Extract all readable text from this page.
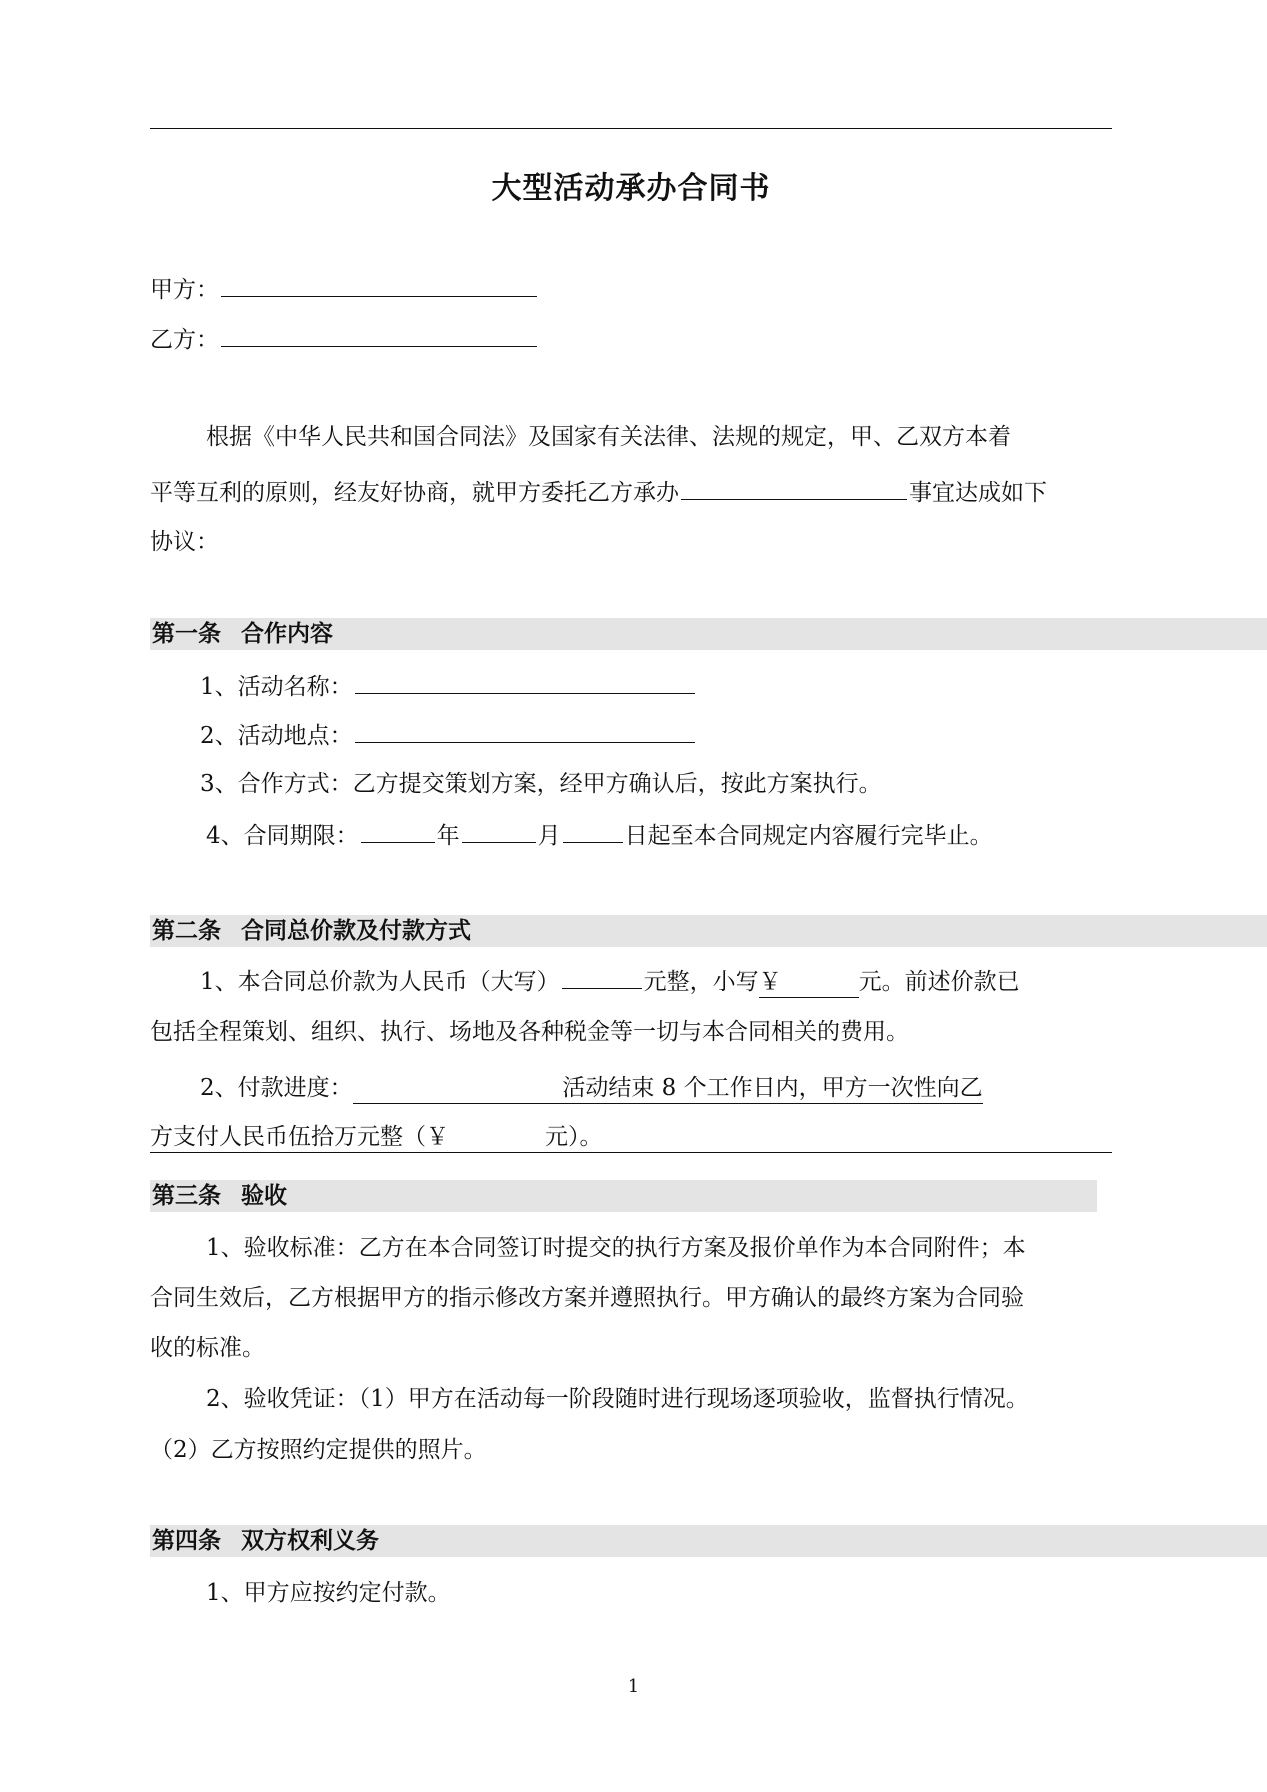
大型活动承办合同书
甲方：
乙方：
根据《中华人民共和国合同法》及国家有关法律、法规的规定，甲、乙双方本着
平等互利的原则，经友好协商，就甲方委托乙方承办	事宜达成如下
协议：
第一条 合作内容
1、活动名称：
2、活动地点：
3、合作方式：乙方提交策划方案，经甲方确认后，按此方案执行。
4、合同期限：	年	月	日起至本合同规定内容履行完毕止。
第二条 合同总价款及付款方式
1、本合同总价款为人民币（大写）	元整，小写￥	元。前述价款已
包括全程策划、组织、执行、场地及各种税金等一切与本合同相关的费用。
2、付款进度：	活动结束 8 个工作日内，甲方一次性向乙
方支付人民币伍拾万元整（￥	元）。
第三条 验收
1、验收标准：乙方在本合同签订时提交的执行方案及报价单作为本合同附件；本
合同生效后，乙方根据甲方的指示修改方案并遵照执行。甲方确认的最终方案为合同验
收的标准。
2、验收凭证：（1）甲方在活动每一阶段随时进行现场逐项验收，监督执行情况。
（2）乙方按照约定提供的照片。
第四条 双方权利义务
1、甲方应按约定付款。
1
